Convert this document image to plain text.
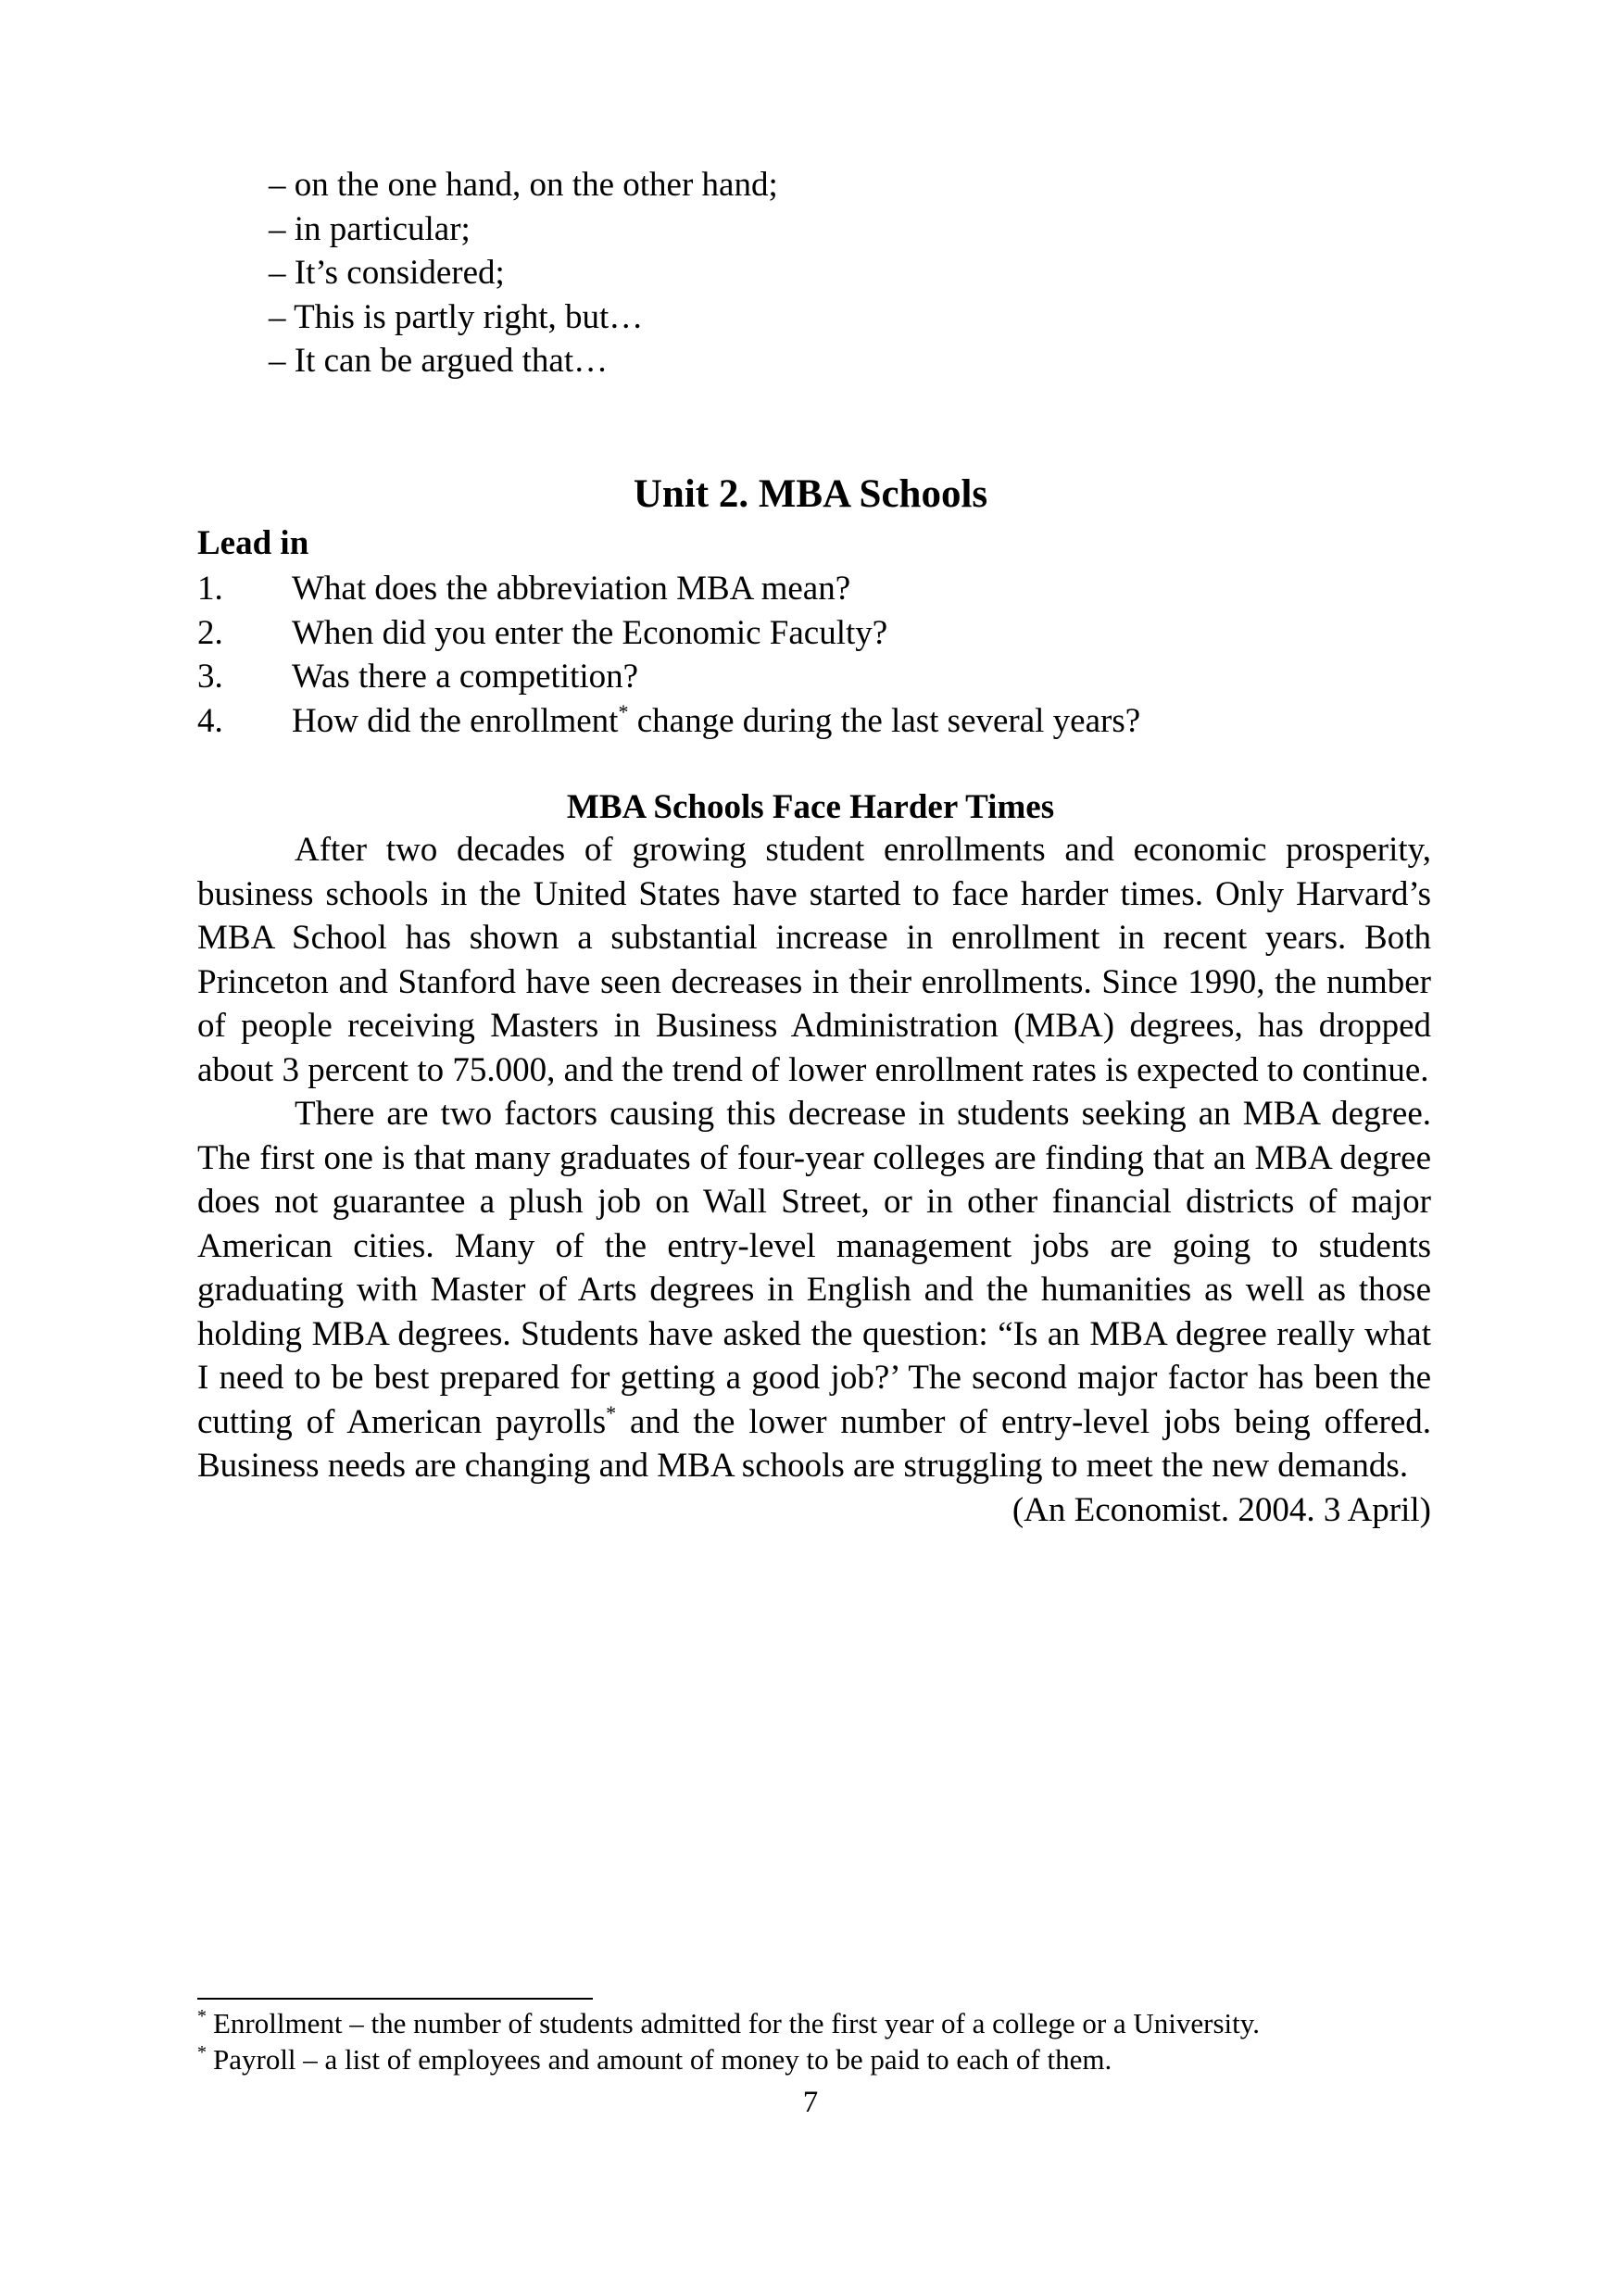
– on the one hand, on the other hand;
– in particular;
– It’s considered;
– This is partly right, but…
– It can be argued that…
Unit 2. MBA Schools
Lead in
1. What does the abbreviation MBA mean?
2. When did you enter the Economic Faculty?
3. Was there a competition?
4. How did the enrollment* change during the last several years?
MBA Schools Face Harder Times

After two decades of growing student enrollments and economic prosperity, business schools in the United States have started to face harder times. Only Harvard’s MBA School has shown a substantial increase in enrollment in recent years. Both Princeton and Stanford have seen decreases in their enrollments. Since 1990, the number of people receiving Masters in Business Administration (MBA) degrees, has dropped about 3 percent to 75.000, and the trend of lower enrollment rates is expected to continue.

There are two factors causing this decrease in students seeking an MBA degree. The first one is that many graduates of four-year colleges are finding that an MBA degree does not guarantee a plush job on Wall Street, or in other financial districts of major American cities. Many of the entry-level management jobs are going to students graduating with Master of Arts degrees in English and the humanities as well as those holding MBA degrees. Students have asked the question: “Is an MBA degree really what I need to be best prepared for getting a good job?’ The second major factor has been the cutting of American payrolls* and the lower number of entry-level jobs being offered. Business needs are changing and MBA schools are struggling to meet the new demands.

(An Economist. 2004. 3 April)
* Enrollment – the number of students admitted for the first year of a college or a University.
* Payroll – a list of employees and amount of money to be paid to each of them.
7
